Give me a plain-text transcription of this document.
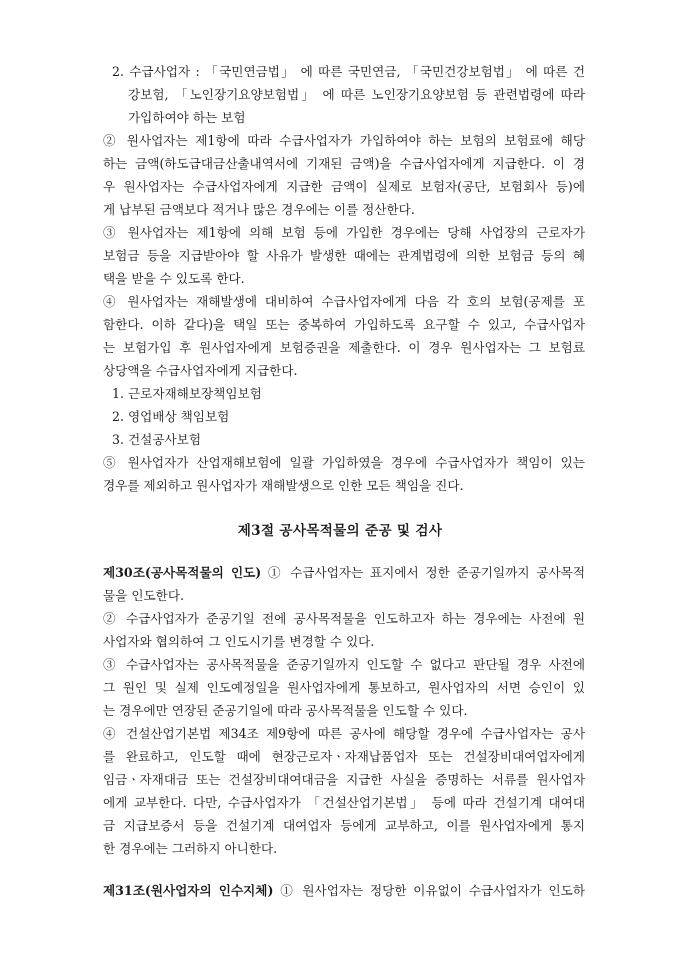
2. 수급사업자 : 「국민연금법」 에 따른 국민연금, 「국민건강보험법」 에 따른 건

강보험, 「노인장기요양보험법」 에 따른 노인장기요양보험 등 관련법령에 따라

가입하여야 하는 보험

② 원사업자는 제1항에 따라 수급사업자가 가입하여야 하는 보험의 보험료에 해당

하는 금액(하도급대금산출내역서에 기재된 금액)을 수급사업자에게 지급한다. 이 경

우 원사업자는 수급사업자에게 지급한 금액이 실제로 보험자(공단, 보험회사 등)에

게 납부된 금액보다 적거나 많은 경우에는 이를 정산한다.

③ 원사업자는 제1항에 의해 보험 등에 가입한 경우에는 당해 사업장의 근로자가

보험금 등을 지급받아야 할 사유가 발생한 때에는 관계법령에 의한 보험금 등의 혜

택을 받을 수 있도록 한다.

④ 원사업자는 재해발생에 대비하여 수급사업자에게 다음 각 호의 보험(공제를 포

함한다. 이하 같다)을 택일 또는 중복하여 가입하도록 요구할 수 있고, 수급사업자

는 보험가입 후 원사업자에게 보험증권을 제출한다. 이 경우 원사업자는 그 보험료

상당액을 수급사업자에게 지급한다.

1. 근로자재해보장책임보험

2. 영업배상 책임보험

3. 건설공사보험

⑤ 원사업자가 산업재해보험에 일괄 가입하였을 경우에 수급사업자가 책임이 있는

경우를 제외하고 원사업자가 재해발생으로 인한 모든 책임을 진다.

제3절 공사목적물의 준공 및 검사

제30조(공사목적물의 인도) ① 수급사업자는 표지에서 정한 준공기일까지 공사목적

물을 인도한다.

② 수급사업자가 준공기일 전에 공사목적물을 인도하고자 하는 경우에는 사전에 원

사업자와 협의하여 그 인도시기를 변경할 수 있다.

③ 수급사업자는 공사목적물을 준공기일까지 인도할 수 없다고 판단될 경우 사전에

그 원인 및 실제 인도예정일을 원사업자에게 통보하고, 원사업자의 서면 승인이 있

는 경우에만 연장된 준공기일에 따라 공사목적물을 인도할 수 있다.

④ 건설산업기본법 제34조 제9항에 따른 공사에 해당할 경우에 수급사업자는 공사

를 완료하고, 인도할 때에 현장근로자ㆍ자재납품업자 또는 건설장비대여업자에게

임금ㆍ자재대금 또는 건설장비대여대금을 지급한 사실을 증명하는 서류를 원사업자

에게 교부한다. 다만, 수급사업자가 「건설산업기본법」 등에 따라 건설기계 대여대

금 지급보증서 등을 건설기계 대여업자 등에게 교부하고, 이를 원사업자에게 통지

한 경우에는 그러하지 아니한다.

제31조(원사업자의 인수지체) ① 원사업자는 정당한 이유없이 수급사업자가 인도하
